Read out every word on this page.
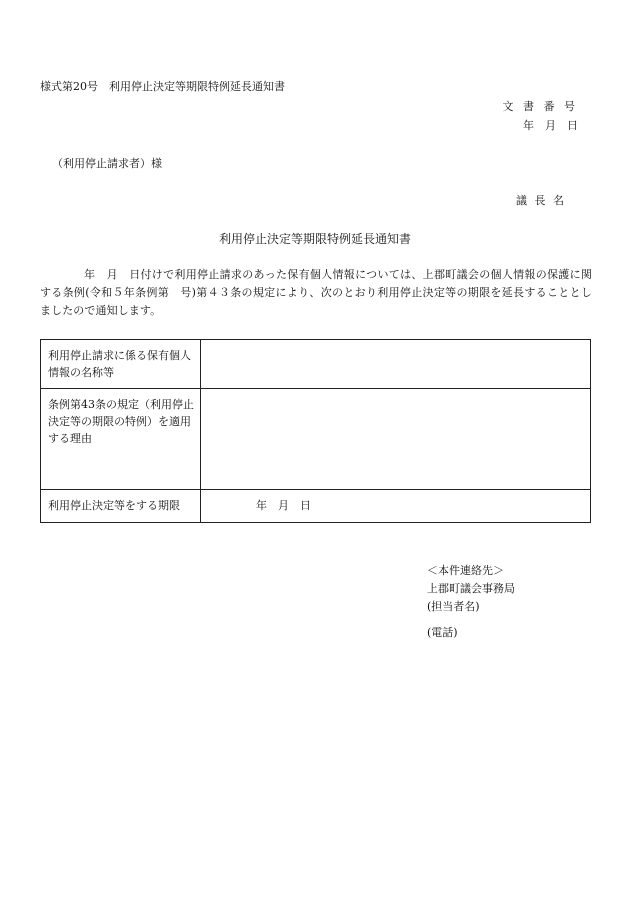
様式第20号　利用停止決定等期限特例延長通知書
文 書 番 号
年　月　日
（利用停止請求者）様
議 長 名
利用停止決定等期限特例延長通知書
年　月　日付けで利用停止請求のあった保有個人情報については、上郡町議会の個人情報の保護に関する条例(令和５年条例第　号)第４３条の規定により、次のとおり利用停止決定等の期限を延長することとしましたので通知します。
利用停止請求に係る保有個人情報の名称等	
条例第43条の規定（利用停止決定等の期限の特例）を適用する理由	
利用停止決定等をする期限	年　月　日
＜本件連絡先＞
上郡町議会事務局
(担当者名)
(電話)
